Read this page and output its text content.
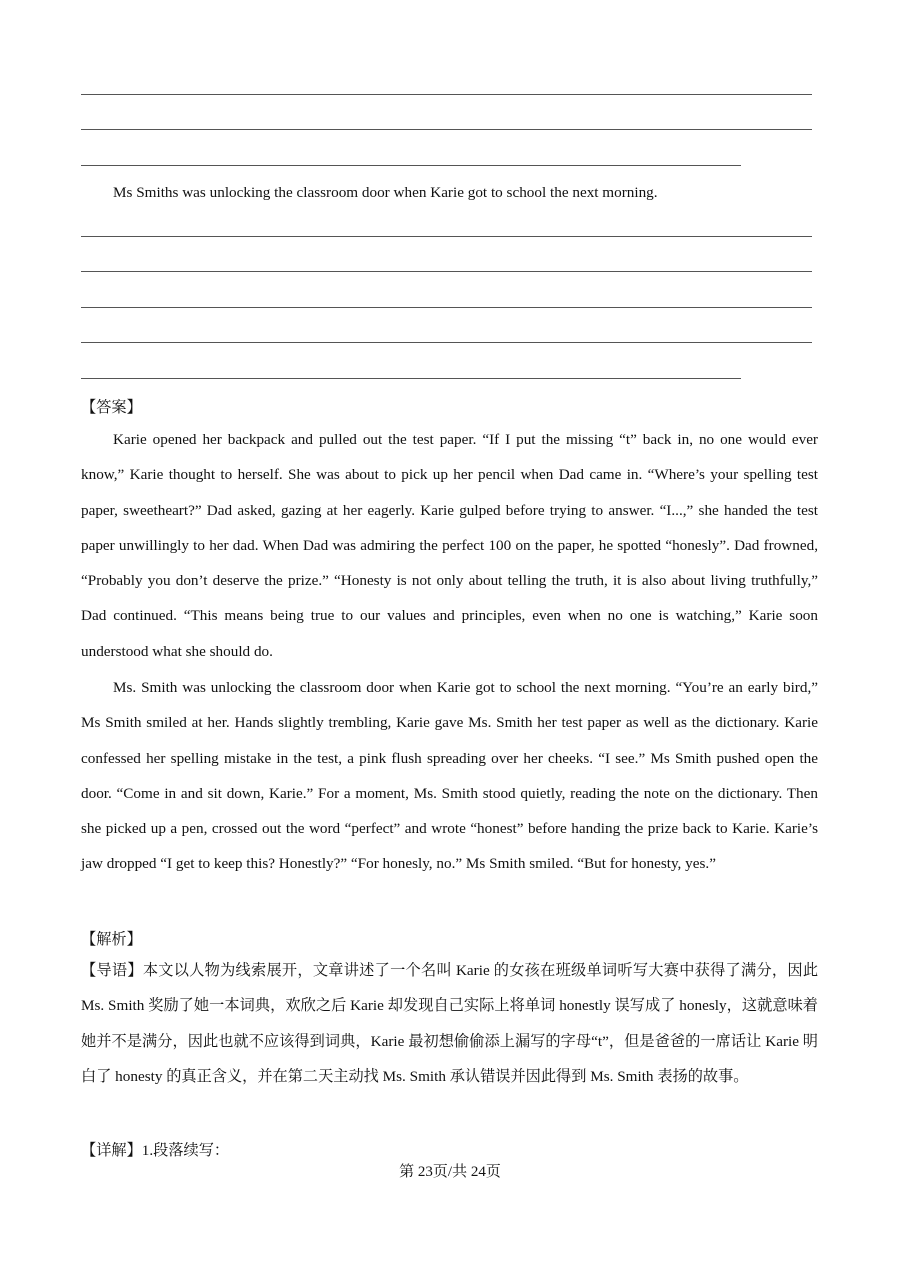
Ms Smiths was unlocking the classroom door when Karie got to school the next morning.
【答案】

Karie opened her backpack and pulled out the test paper. “If I put the missing “t” back in, no one would ever know,” Karie thought to herself. She was about to pick up her pencil when Dad came in. “Where’s your spelling test paper, sweetheart?” Dad asked, gazing at her eagerly. Karie gulped before trying to answer. “I...,” she handed the test paper unwillingly to her dad. When Dad was admiring the perfect 100 on the paper, he spotted “honesly”. Dad frowned, “Probably you don’t deserve the prize.” “Honesty is not only about telling the truth, it is also about living truthfully,” Dad continued. “This means being true to our values and principles, even when no one is watching,” Karie soon understood what she should do.

Ms. Smith was unlocking the classroom door when Karie got to school the next morning. “You’re an early bird,” Ms Smith smiled at her. Hands slightly trembling, Karie gave Ms. Smith her test paper as well as the dictionary. Karie confessed her spelling mistake in the test, a pink flush spreading over her cheeks. “I see.” Ms Smith pushed open the door. “Come in and sit down, Karie.” For a moment, Ms. Smith stood quietly, reading the note on the dictionary. Then she picked up a pen, crossed out the word “perfect” and wrote “honest” before handing the prize back to Karie. Karie’s jaw dropped “I get to keep this? Honestly?” “For honesly, no.” Ms Smith smiled. “But for honesty, yes.”

【解析】

【导语】本文以人物为线索展开，文章讲述了一个名叫 Karie 的女孩在班级单词听写大赛中获得了满分，因此 Ms. Smith 奖励了她一本词典，欢欣之后 Karie 却发现自己实际上将单词 honestly 误写成了 honesly，这就意味着她并不是满分，因此也就不应该得到词典，Karie 最初想偷偷添上漏写的字母“t”，但是爸爸的一席话让 Karie 明白了 honesty 的真正含义，并在第二天主动找 Ms. Smith 承认错误并因此得到 Ms. Smith 表扬的故事。

【详解】1.段落续写：
第 23页/共 24页
